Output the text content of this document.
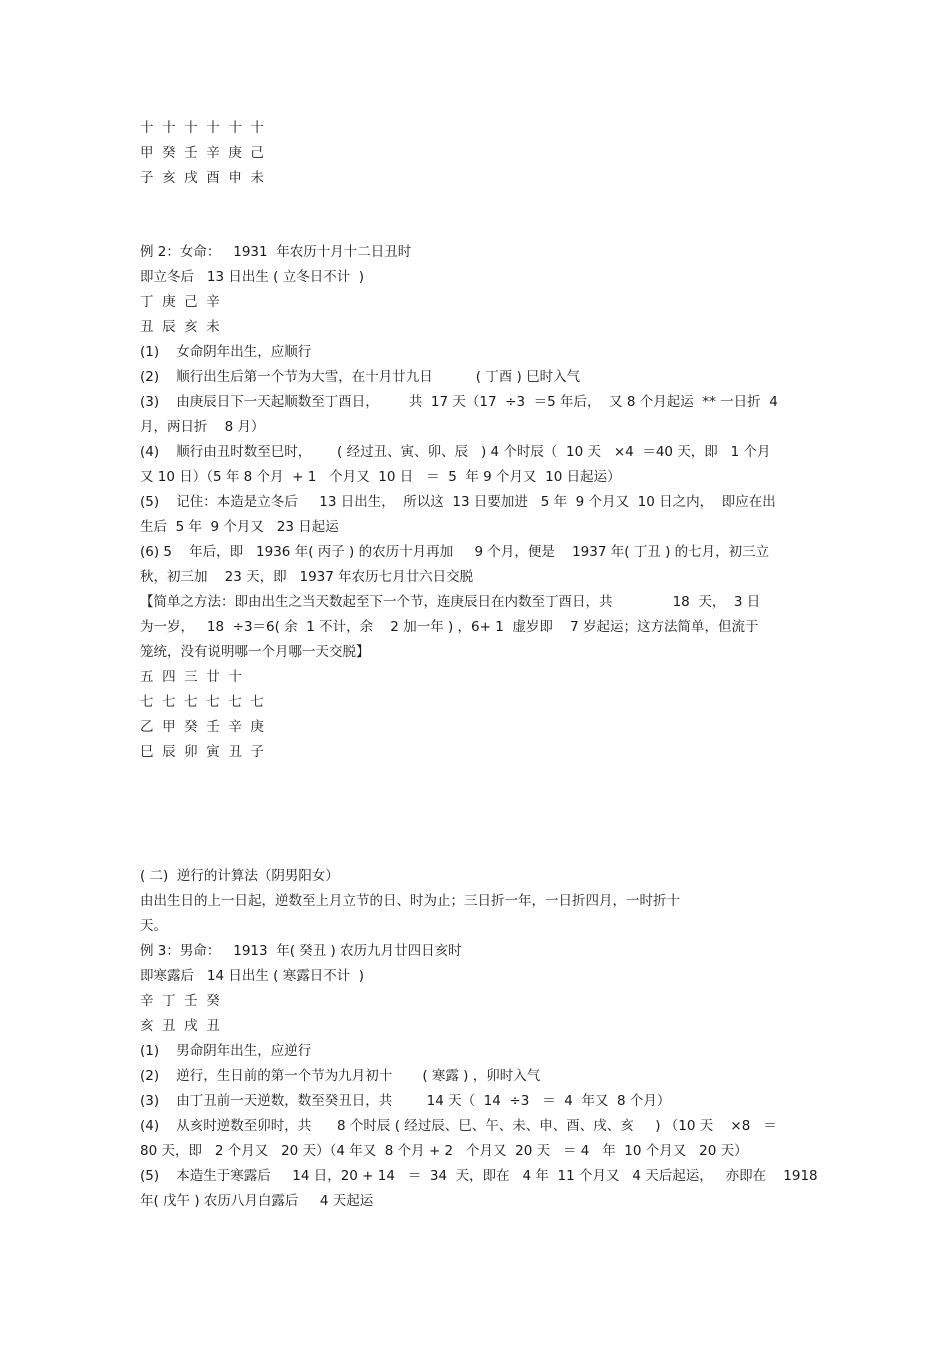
十  十  十  十  十  十

甲  癸  壬  辛  庚  己

子  亥  戌  酉  申  未

例 2：女命：   1931  年农历十月十二日丑时

即立冬后   13 日出生 ( 立冬日不计  )

丁  庚  己  辛

丑  辰  亥  未

(1)    女命阴年出生，应顺行

(2)    顺行出生后第一个节为大雪，在十月廿九日          ( 丁酉 ) 巳时入气

(3)    由庚辰日下一天起顺数至丁酉日，       共  17 天（17  ÷3  ＝5 年后，  又 8 个月起运  ** 一日折  4

月，两日折    8 月）

(4)    顺行由丑时数至巳时，      ( 经过丑、寅、卯、辰   ) 4 个时辰（  10 天   ×4  ＝40 天，即   1 个月

又 10 日）（5 年 8 个月  + 1   个月又  10 日   ＝  5  年 9 个月又  10 日起运）

(5)    记住：本造是立冬后     13 日出生，  所以这  13 日要加进   5 年  9 个月又  10 日之内，  即应在出

生后  5 年  9 个月又   23 日起运

(6) 5    年后，即   1936 年( 丙子 ) 的农历十月再加     9 个月，便是    1937 年( 丁丑 ) 的七月，初三立

秋，初三加    23 天，即   1937 年农历七月廿六日交脱

【简单之方法：即由出生之当天数起至下一个节，连庚辰日在内数至丁酉日，共              18  天，  3 日

为一岁，   18  ÷3＝6( 余  1 不计，余    2 加一年 ) ，6+ 1  虚岁即    7 岁起运；这方法简单，但流于

笼统，没有说明哪一个月哪一天交脱】

五  四  三  廿  十

七  七  七  七  七  七

乙  甲  癸  壬  辛  庚

巳  辰  卯  寅  丑  子

( 二)  逆行的计算法（阴男阳女）

由出生日的上一日起，逆数至上月立节的日、时为止；三日折一年，一日折四月，一时折十

天。

例 3：男命：   1913  年( 癸丑 ) 农历九月廿四日亥时

即寒露后   14 日出生 ( 寒露日不计  )

辛  丁  壬  癸

亥  丑  戌  丑

(1)    男命阴年出生，应逆行

(2)    逆行，生日前的第一个节为九月初十       ( 寒露 ) ，卯时入气

(3)    由丁丑前一天逆数，数至癸丑日，共        14 天（  14  ÷3   ＝  4  年又  8 个月）

(4)    从亥时逆数至卯时，共      8 个时辰 ( 经过辰、巳、午、未、申、酉、戌、亥     ) （10 天    ×8   ＝

80 天，即   2 个月又   20 天）（4 年又  8 个月 + 2   个月又  20 天   ＝ 4   年  10 个月又   20 天）

(5)    本造生于寒露后     14 日，20 + 14   ＝  34  天，即在   4 年  11 个月又   4 天后起运，   亦即在    1918

年( 戊午 ) 农历八月白露后     4 天起运
